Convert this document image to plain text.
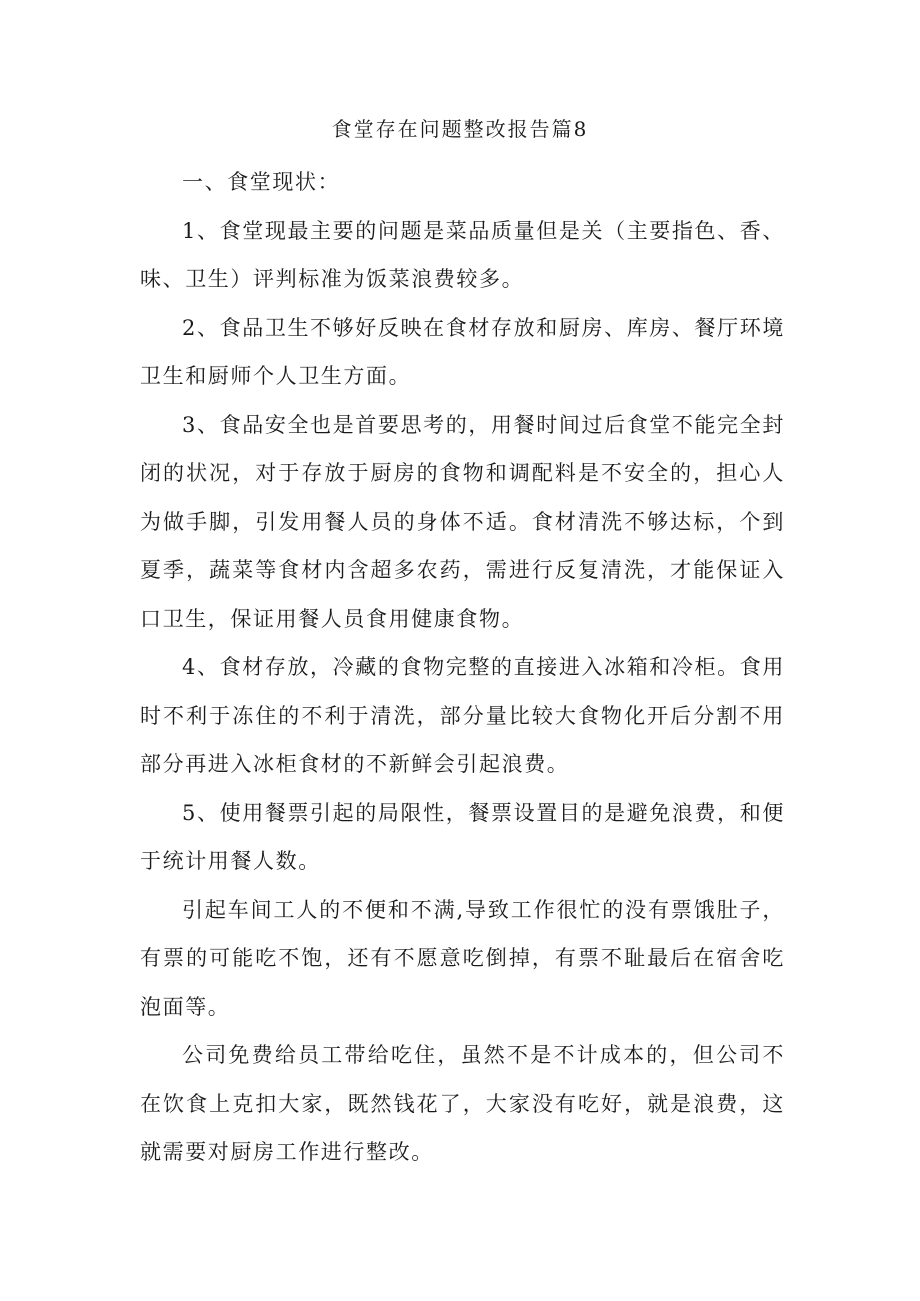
食堂存在问题整改报告篇8

一、食堂现状：

1、食堂现最主要的问题是菜品质量但是关（主要指色、香、味、卫生）评判标准为饭菜浪费较多。

2、食品卫生不够好反映在食材存放和厨房、库房、餐厅环境卫生和厨师个人卫生方面。

3、食品安全也是首要思考的，用餐时间过后食堂不能完全封闭的状况，对于存放于厨房的食物和调配料是不安全的，担心人为做手脚，引发用餐人员的身体不适。食材清洗不够达标，个到夏季，蔬菜等食材内含超多农药，需进行反复清洗，才能保证入口卫生，保证用餐人员食用健康食物。

4、食材存放，冷藏的食物完整的直接进入冰箱和冷柜。食用时不利于冻住的不利于清洗，部分量比较大食物化开后分割不用部分再进入冰柜食材的不新鲜会引起浪费。

5、使用餐票引起的局限性，餐票设置目的是避免浪费，和便于统计用餐人数。

引起车间工人的不便和不满,导致工作很忙的没有票饿肚子，有票的可能吃不饱，还有不愿意吃倒掉，有票不耻最后在宿舍吃泡面等。

公司免费给员工带给吃住，虽然不是不计成本的，但公司不在饮食上克扣大家，既然钱花了，大家没有吃好，就是浪费，这就需要对厨房工作进行整改。
